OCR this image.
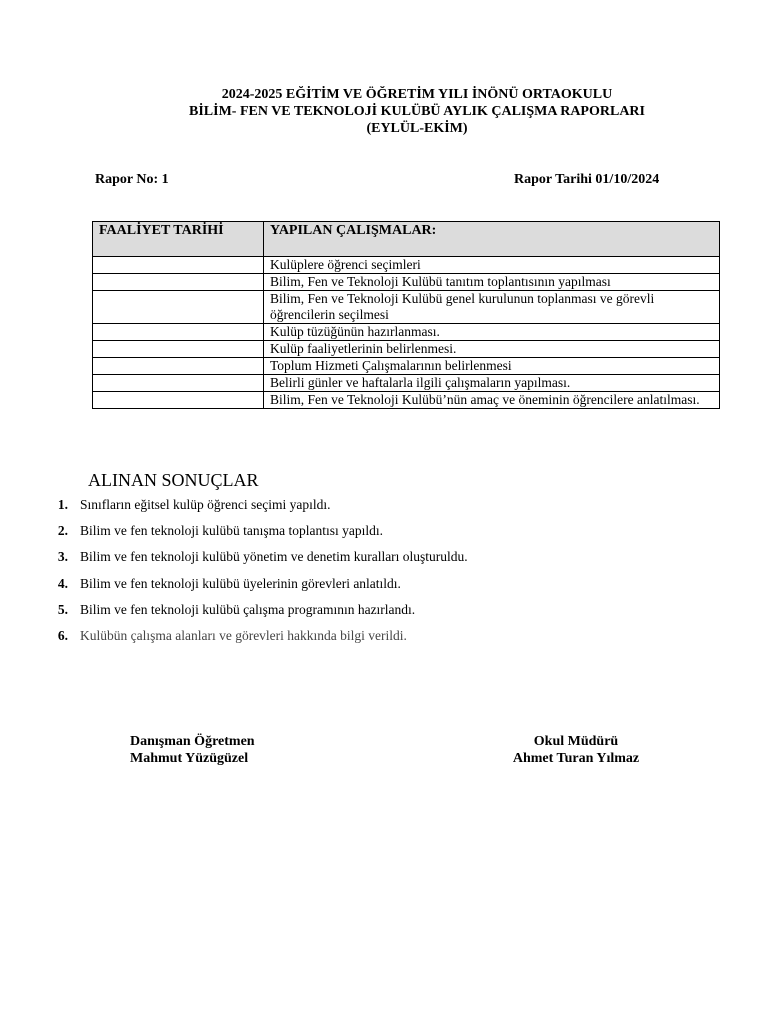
2024-2025 EĞİTİM VE ÖĞRETİM YILI İNÖNÜ ORTAOKULU
BİLİM- FEN VE TEKNOLOJİ KULÜBÜ AYLIK ÇALIŞMA RAPORLARI
(EYLÜL-EKİM)
Rapor No: 1	Rapor Tarihi 01/10/2024
FAALİYET TARİHİ	YAPILAN ÇALIŞMALAR:
	Kulüplere öğrenci seçimleri
	Bilim, Fen ve Teknoloji Kulübü tanıtım toplantısının yapılması
	Bilim, Fen ve Teknoloji Kulübü genel kurulunun toplanması ve görevli öğrencilerin seçilmesi
	Kulüp tüzüğünün hazırlanması.
	Kulüp faaliyetlerinin belirlenmesi.
	Toplum Hizmeti Çalışmalarının belirlenmesi
	Belirli günler ve haftalarla ilgili çalışmaların yapılması.
	Bilim, Fen ve Teknoloji Kulübü’nün amaç ve öneminin öğrencilere anlatılması.
ALINAN SONUÇLAR
1. Sınıfların eğitsel kulüp öğrenci seçimi yapıldı.
2. Bilim ve fen teknoloji kulübü tanışma toplantısı yapıldı.
3. Bilim ve fen teknoloji kulübü yönetim ve denetim kuralları oluşturuldu.
4. Bilim ve fen teknoloji kulübü üyelerinin görevleri anlatıldı.
5. Bilim ve fen teknoloji kulübü çalışma programının hazırlandı.
6. Kulübün çalışma alanları ve görevleri hakkında bilgi verildi.
Danışman Öğretmen
Mahmut Yüzügüzel
Okul Müdürü
Ahmet Turan Yılmaz
